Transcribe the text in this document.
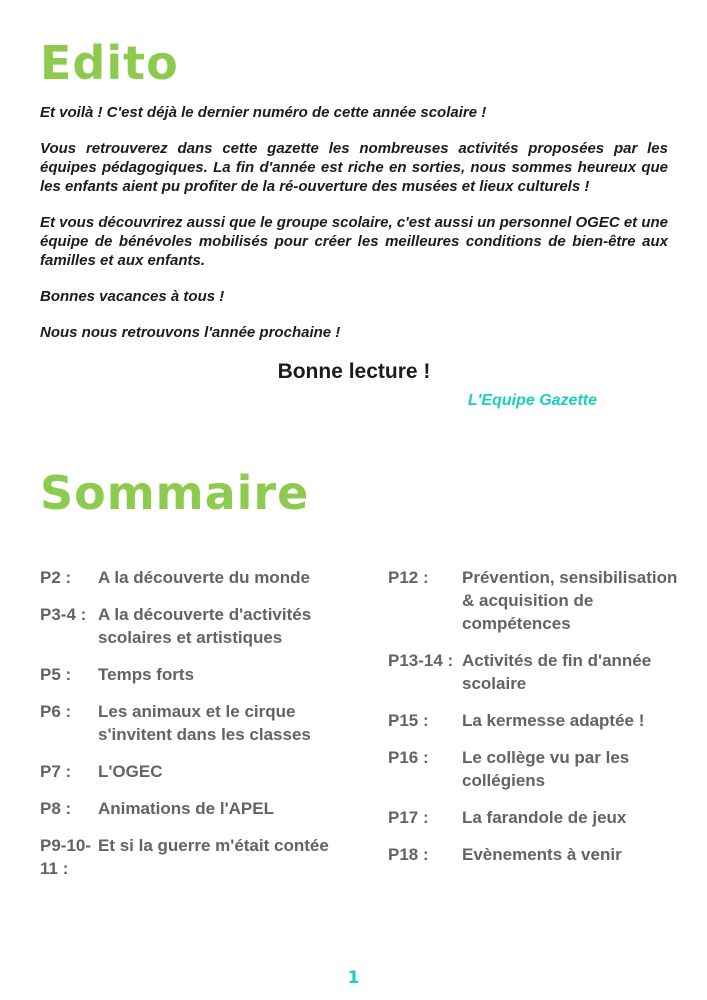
Edito

Et voilà ! C'est déjà le dernier numéro de cette année scolaire !

Vous retrouverez dans cette gazette les nombreuses activités proposées par les équipes pédagogiques. La fin d'année est riche en sorties, nous sommes heureux que les enfants aient pu profiter de la ré-ouverture des musées et lieux culturels !

Et vous découvrirez aussi que le groupe scolaire, c'est aussi un personnel OGEC et une équipe de bénévoles mobilisés pour créer les meilleures conditions de bien-être aux familles et aux enfants.

Bonnes vacances à tous !

Nous nous retrouvons l'année prochaine !

Bonne lecture !
L'Equipe Gazette
Sommaire
P2 :	A la découverte du monde
P3-4 : A la découverte d'activités scolaires et artistiques
P5 :	Temps forts
P6 :	Les animaux et le cirque s'invitent dans les classes
P7 :	L'OGEC
P8 :	Animations de l'APEL
P9-10-11 :
Et si la guerre m'était contée
P12 :	Prévention, sensibilisation & acquisition de compétences
P13-14 : Activités de fin d'année scolaire
P15 :	La kermesse adaptée !
P16 :	Le collège vu par les collégiens
P17 :	La farandole de jeux
P18 :	Evènements à venir
1
